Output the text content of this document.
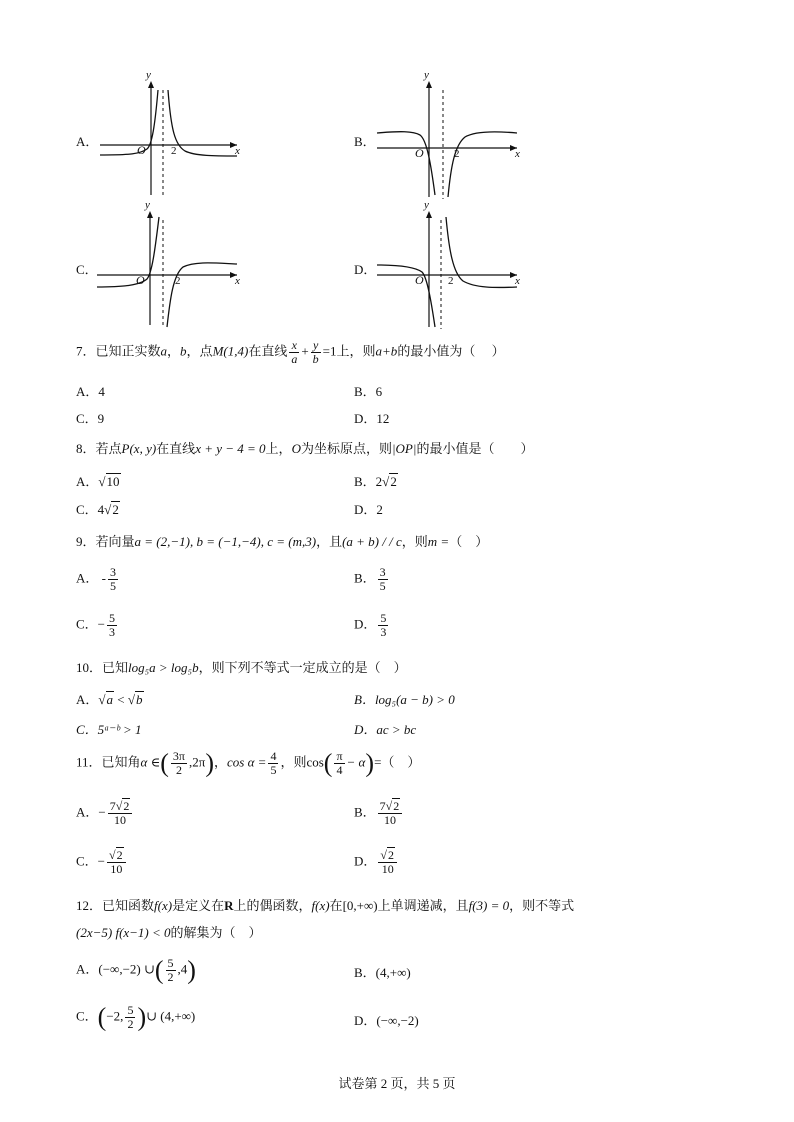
A．
y
x
O 2
B．
y
x
O	2
C．
y
x
O	2
D．
y
x
O 2
7．已知正实数a，b，点M(1,4)在直线 $\frac{x}{a} + \frac{y}{b} =1$上，则a+b的最小值为（　 ）
A．4	B．6
C．9	D．12
8．若点P(x, y)在直线x + y − 4 = 0上，O为坐标原点，则|OP|的最小值是（　　）
A．√10	B．2√2
C．4√2	D．2
9．若向量a = (2,−1), b = (−1,−4), c = (m,3)，且(a + b) / / c，则m =（　）
A． - $\frac{3}{5}$	B． $\frac{3}{5}$
C．− $\frac{5}{3}$	D． $\frac{5}{3}$
10．已知log₅a > log₅b，则下列不等式一定成立的是（　）
A．√a < √b	B．log₅(a − b) > 0
C．5ᵃ⁻ᵇ > 1	D．ac > bc
11．已知角α ∈( $\frac{3\pi}{2} ,2\pi$)，$\cos \alpha = \frac{4}{5}$ ，则$\cos( \frac{\pi}{4} - \alpha)=$（　）
A．− $\frac{7√2}{10}$	B． $\frac{7√2}{10}$
C．− $\frac{√2}{10}$	D． $\frac{√2}{10}$
12．已知函数f(x)是定义在R上的偶函数，f(x)在[0,+∞)上单调递减，且f(3) = 0，则不等式
(2x−5) f(x−1) < 0的解集为（　）
A．(−∞,−2) ∪( $\frac{5}{2} ,4$)	B．(4,+∞)
C．(−2, $\frac{5}{2}$ )∪ (4,+∞)	D．(−∞,−2)
试卷第 2 页，共 5 页
